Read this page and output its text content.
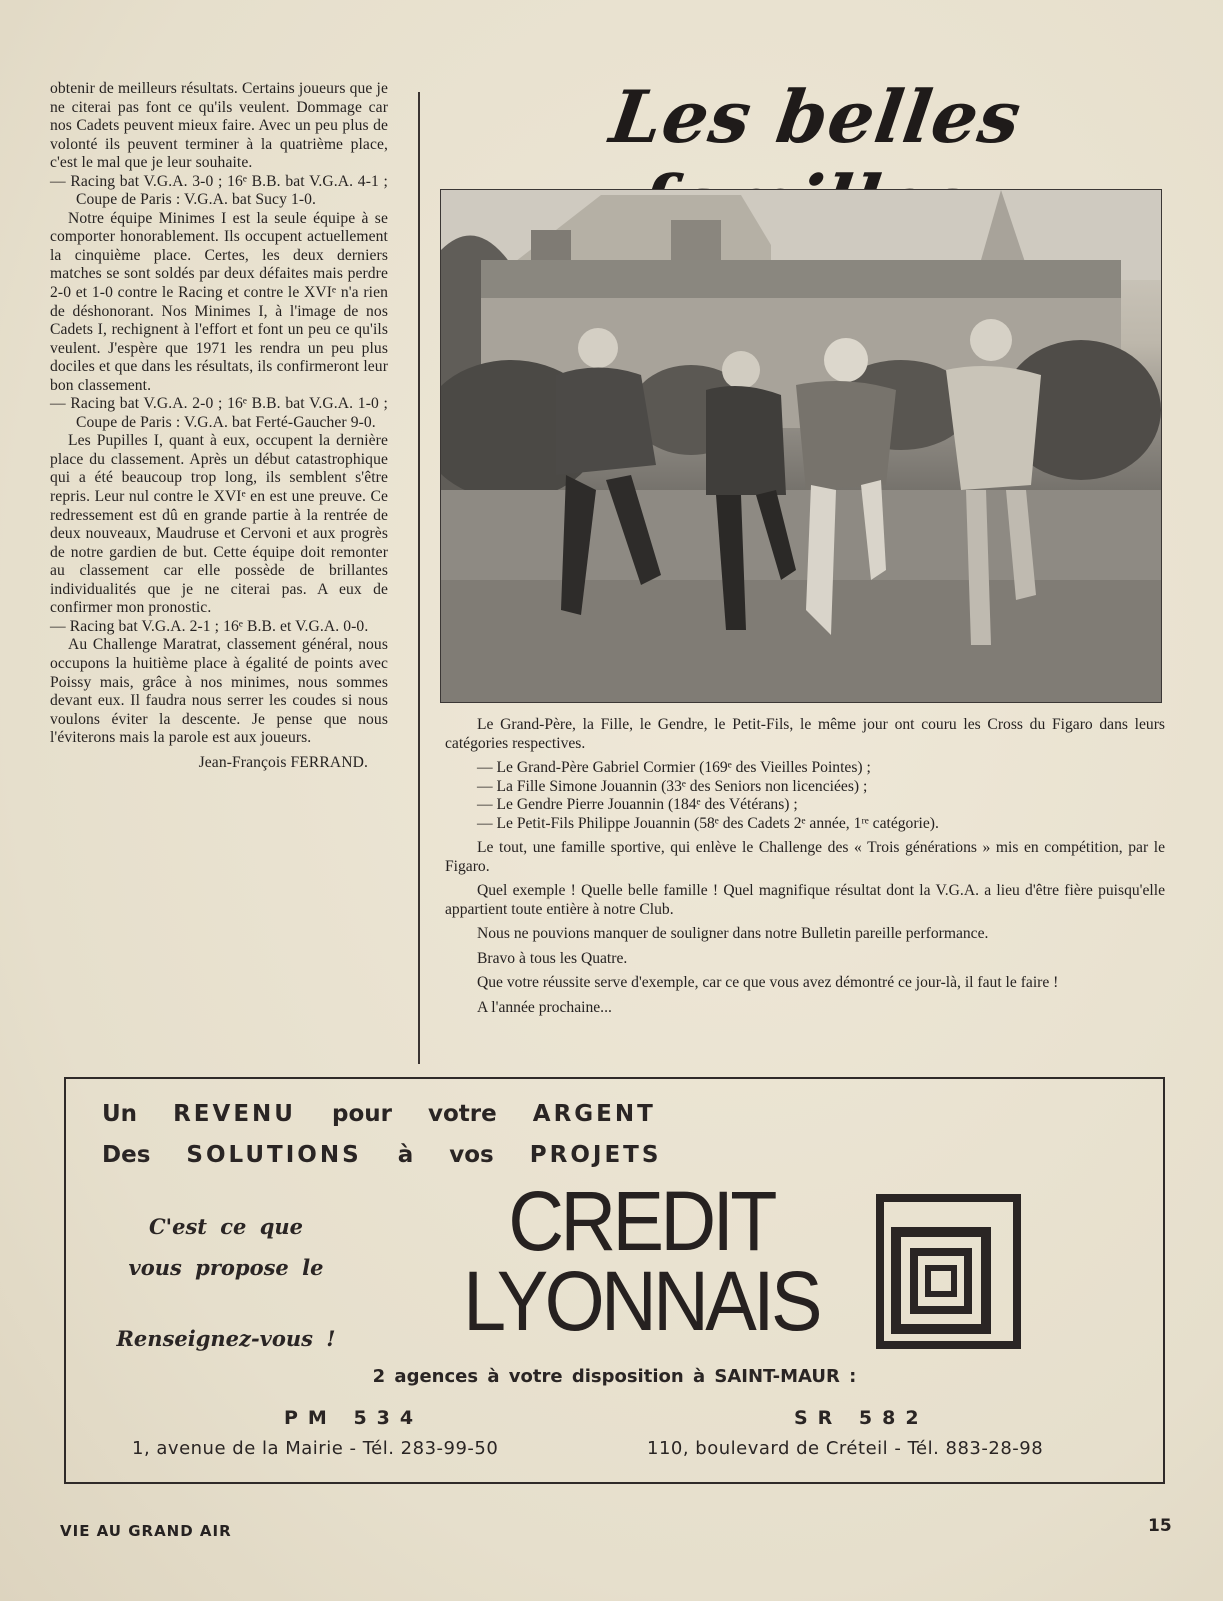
obtenir de meilleurs résultats. Certains joueurs que je ne citerai pas font ce qu'ils veulent. Dommage car nos Cadets peuvent mieux faire. Avec un peu plus de volonté ils peuvent terminer à la quatrième place, c'est le mal que je leur souhaite.

— Racing bat V.G.A. 3-0 ; 16ᵉ B.B. bat V.G.A. 4-1 ; Coupe de Paris : V.G.A. bat Sucy 1-0.

Notre équipe Minimes I est la seule équipe à se comporter honorablement. Ils occupent actuellement la cinquième place. Certes, les deux derniers matches se sont soldés par deux défaites mais perdre 2-0 et 1-0 contre le Racing et contre le XVIᵉ n'a rien de déshonorant. Nos Minimes I, à l'image de nos Cadets I, rechignent à l'effort et font un peu ce qu'ils veulent. J'espère que 1971 les rendra un peu plus dociles et que dans les résultats, ils confirmeront leur bon classement.

— Racing bat V.G.A. 2-0 ; 16ᵉ B.B. bat V.G.A. 1-0 ; Coupe de Paris : V.G.A. bat Ferté-Gaucher 9-0.

Les Pupilles I, quant à eux, occupent la dernière place du classement. Après un début catastrophique qui a été beaucoup trop long, ils semblent s'être repris. Leur nul contre le XVIᵉ en est une preuve. Ce redressement est dû en grande partie à la rentrée de deux nouveaux, Maudruse et Cervoni et aux progrès de notre gardien de but. Cette équipe doit remonter au classement car elle possède de brillantes individualités que je ne citerai pas. A eux de confirmer mon pronostic.

— Racing bat V.G.A. 2-1 ; 16ᵉ B.B. et V.G.A. 0-0.

Au Challenge Maratrat, classement général, nous occupons la huitième place à égalité de points avec Poissy mais, grâce à nos minimes, nous sommes devant eux. Il faudra nous serrer les coudes si nous voulons éviter la descente. Je pense que nous l'éviterons mais la parole est aux joueurs.

Jean-François FERRAND.

Les belles

Le Grand-Père, la Fille, le Gendre, le Petit-Fils, le même jour ont couru les Cross du Figaro dans leurs catégories respectives.

— Le Grand-Père Gabriel Cormier (169ᵉ des Vieilles Pointes) ;
— La Fille Simone Jouannin (33ᵉ des Seniors non licenciées) ;
— Le Gendre Pierre Jouannin (184ᵉ des Vétérans) ;
— Le Petit-Fils Philippe Jouannin (58ᵉ des Cadets 2ᵉ année, 1ʳᵉ catégorie).

Le tout, une famille sportive, qui enlève le Challenge des « Trois générations » mis en compétition, par le Figaro.

Quel exemple ! Quelle belle famille ! Quel magnifique résultat dont la V.G.A. a lieu d'être fière puisqu'elle appartient toute entière à notre Club.

Nous ne pouvions manquer de souligner dans notre Bulletin pareille performance.

Bravo à tous les Quatre.

Que votre réussite serve d'exemple, car ce que vous avez démontré ce jour-là, il faut le faire !

A l'année prochaine...

Un REVENU pour votre ARGENT
Des SOLUTIONS à vos PROJETS
C'est ce que
vous propose le
Renseignez-vous !
CREDIT
LYONNAIS
2 agences à votre disposition à SAINT-MAUR :
PM 534
1, avenue de la Mairie - Tél. 283-99-50
SR 582
110, boulevard de Créteil - Tél. 883-28-98
VIE AU GRAND AIR	15
